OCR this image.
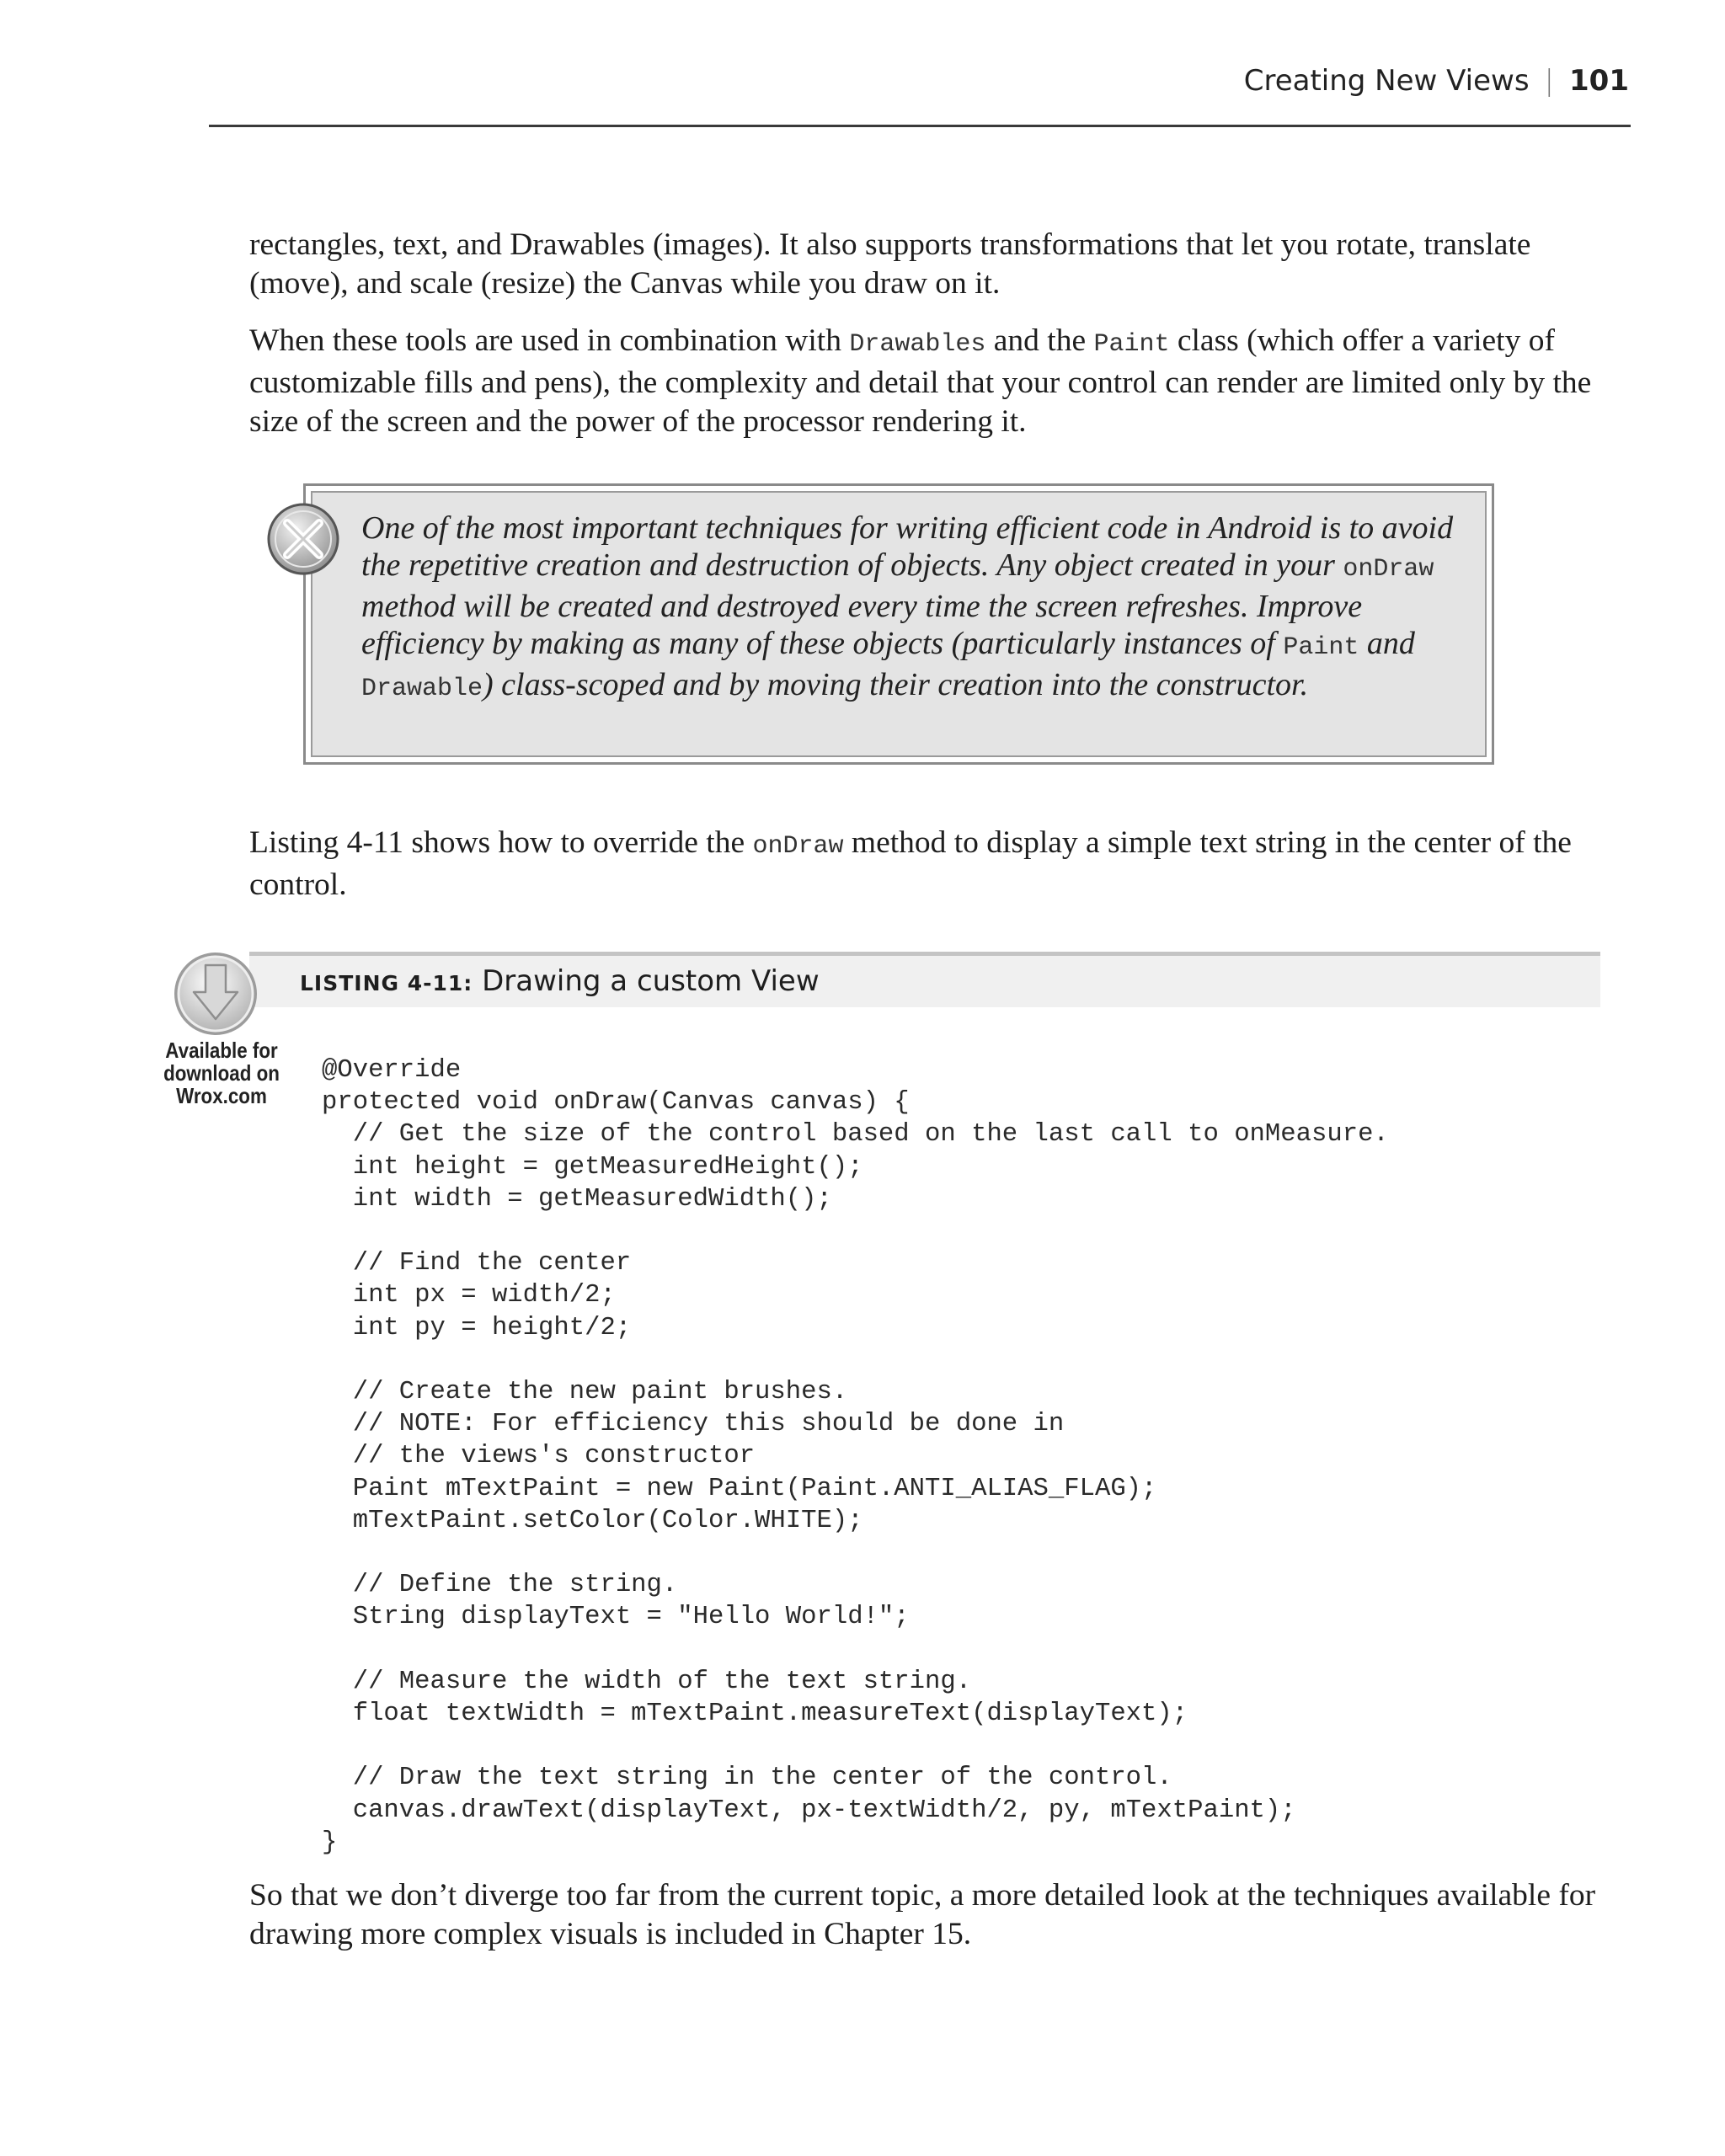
Creating New Views | 101

rectangles, text, and Drawables (images). It also supports transformations that let you rotate, translate (move), and scale (resize) the Canvas while you draw on it.

When these tools are used in combination with Drawables and the Paint class (which offer a variety of customizable fills and pens), the complexity and detail that your control can render are limited only by the size of the screen and the power of the processor rendering it.

One of the most important techniques for writing efficient code in Android is to avoid the repetitive creation and destruction of objects. Any object created in your onDraw method will be created and destroyed every time the screen refreshes. Improve efficiency by making as many of these objects (particularly instances of Paint and Drawable) class-scoped and by moving their creation into the constructor.

Listing 4-11 shows how to override the onDraw method to display a simple text string in the center of the control.

LISTING 4-11: Drawing a custom View

Available for download on Wrox.com

@Override
protected void onDraw(Canvas canvas) {
// Get the size of the control based on the last call to onMeasure.
int height = getMeasuredHeight();
int width = getMeasuredWidth();

// Find the center
int px = width/2;
int py = height/2;

// Create the new paint brushes.
// NOTE: For efficiency this should be done in
// the views's constructor
Paint mTextPaint = new Paint(Paint.ANTI_ALIAS_FLAG);
mTextPaint.setColor(Color.WHITE);

// Define the string.
String displayText = "Hello World!";

// Measure the width of the text string.
float textWidth = mTextPaint.measureText(displayText);

// Draw the text string in the center of the control.
canvas.drawText(displayText, px-textWidth/2, py, mTextPaint);
}

So that we don’t diverge too far from the current topic, a more detailed look at the techniques available for drawing more complex visuals is included in Chapter 15.
